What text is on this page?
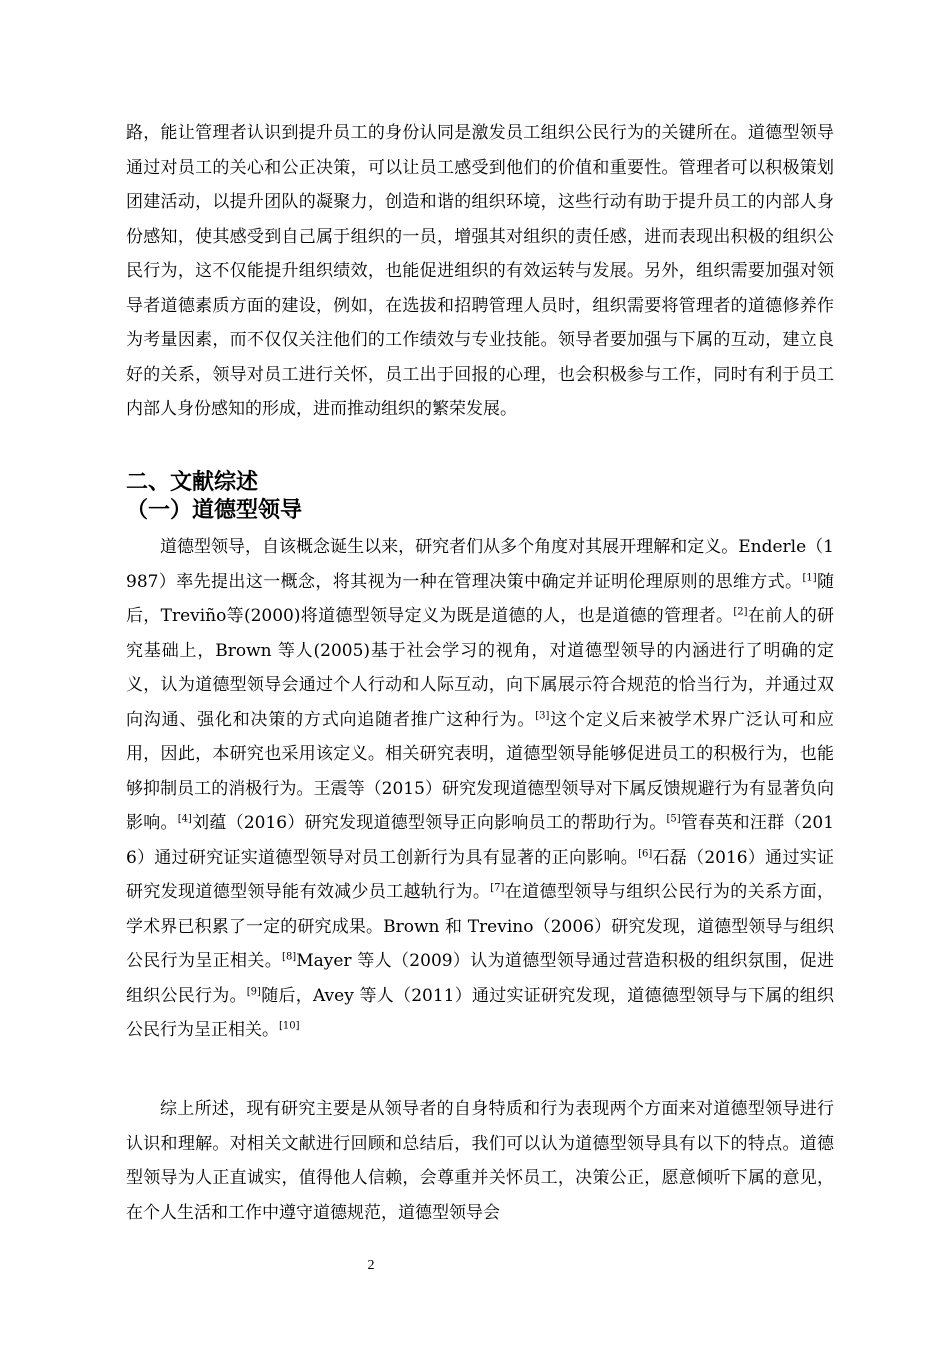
路，能让管理者认识到提升员工的身份认同是激发员工组织公民行为的关键所在。道德型领导通过对员工的关心和公正决策，可以让员工感受到他们的价值和重要性。管理者可以积极策划团建活动，以提升团队的凝聚力，创造和谐的组织环境，这些行动有助于提升员工的内部人身份感知，使其感受到自己属于组织的一员，增强其对组织的责任感，进而表现出积极的组织公民行为，这不仅能提升组织绩效，也能促进组织的有效运转与发展。另外，组织需要加强对领导者道德素质方面的建设，例如，在选拔和招聘管理人员时，组织需要将管理者的道德修养作为考量因素，而不仅仅关注他们的工作绩效与专业技能。领导者要加强与下属的互动，建立良好的关系，领导对员工进行关怀，员工出于回报的心理，也会积极参与工作，同时有利于员工内部人身份感知的形成，进而推动组织的繁荣发展。
二、文献综述
（一）道德型领导
道德型领导，自该概念诞生以来，研究者们从多个角度对其展开理解和定义。Enderle（1987）率先提出这一概念，将其视为一种在管理决策中确定并证明伦理原则的思维方式。[1]随后，Treviño等(2000)将道德型领导定义为既是道德的人，也是道德的管理者。[2]在前人的研究基础上，Brown 等人(2005)基于社会学习的视角，对道德型领导的内涵进行了明确的定义，认为道德型领导会通过个人行动和人际互动，向下属展示符合规范的恰当行为，并通过双向沟通、强化和决策的方式向追随者推广这种行为。[3]这个定义后来被学术界广泛认可和应用，因此，本研究也采用该定义。相关研究表明，道德型领导能够促进员工的积极行为，也能够抑制员工的消极行为。王震等（2015）研究发现道德型领导对下属反馈规避行为有显著负向影响。[4]刘蕴（2016）研究发现道德型领导正向影响员工的帮助行为。[5]管春英和汪群（2016）通过研究证实道德型领导对员工创新行为具有显著的正向影响。[6]石磊（2016）通过实证研究发现道德型领导能有效减少员工越轨行为。[7]在道德型领导与组织公民行为的关系方面，学术界已积累了一定的研究成果。Brown 和 Trevino（2006）研究发现，道德型领导与组织公民行为呈正相关。[8]Mayer 等人（2009）认为道德型领导通过营造积极的组织氛围，促进组织公民行为。[9]随后，Avey 等人（2011）通过实证研究发现，道德德型领导与下属的组织公民行为呈正相关。[10]
综上所述，现有研究主要是从领导者的自身特质和行为表现两个方面来对道德型领导进行认识和理解。对相关文献进行回顾和总结后，我们可以认为道德型领导具有以下的特点。道德型领导为人正直诚实，值得他人信赖，会尊重并关怀员工，决策公正，愿意倾听下属的意见，在个人生活和工作中遵守道德规范，道德型领导会
2
